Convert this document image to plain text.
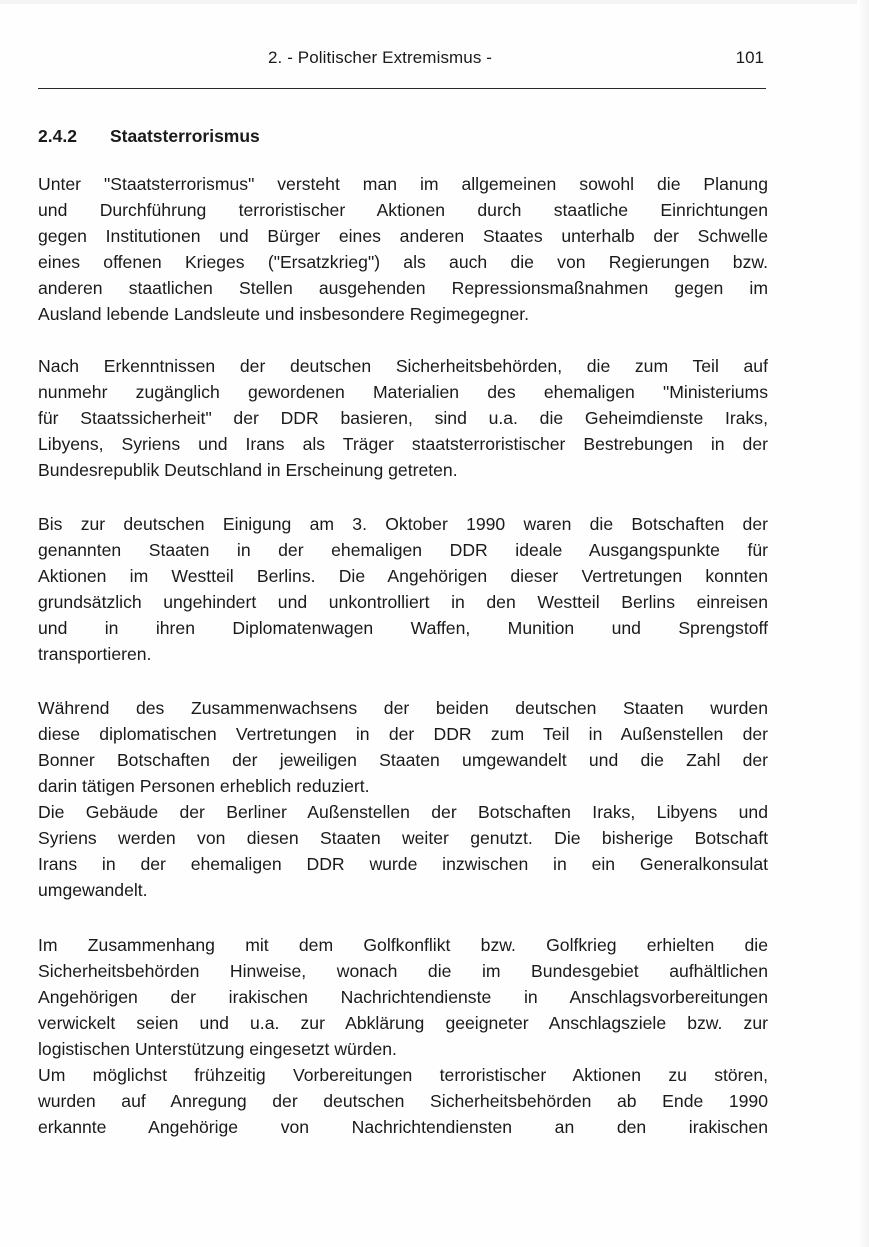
2. - Politischer Extremismus -	101
2.4.2 Staatsterrorismus

Unter "Staatsterrorismus" versteht man im allgemeinen sowohl die Planung
und Durchführung terroristischer Aktionen durch staatliche Einrichtungen
gegen Institutionen und Bürger eines anderen Staates unterhalb der Schwelle
eines offenen Krieges ("Ersatzkrieg") als auch die von Regierungen bzw.
anderen staatlichen Stellen ausgehenden Repressionsmaßnahmen gegen im
Ausland lebende Landsleute und insbesondere Regimegegner.

Nach Erkenntnissen der deutschen Sicherheitsbehörden, die zum Teil auf
nunmehr zugänglich gewordenen Materialien des ehemaligen "Ministeriums
für Staatssicherheit" der DDR basieren, sind u.a. die Geheimdienste Iraks,
Libyens, Syriens und Irans als Träger staatsterroristischer Bestrebungen in der
Bundesrepublik Deutschland in Erscheinung getreten.

Bis zur deutschen Einigung am 3. Oktober 1990 waren die Botschaften der
genannten Staaten in der ehemaligen DDR ideale Ausgangspunkte für
Aktionen im Westteil Berlins. Die Angehörigen dieser Vertretungen konnten
grundsätzlich ungehindert und unkontrolliert in den Westteil Berlins einreisen
und in ihren Diplomatenwagen Waffen, Munition und Sprengstoff
transportieren.

Während des Zusammenwachsens der beiden deutschen Staaten wurden
diese diplomatischen Vertretungen in der DDR zum Teil in Außenstellen der
Bonner Botschaften der jeweiligen Staaten umgewandelt und die Zahl der
darin tätigen Personen erheblich reduziert.

Die Gebäude der Berliner Außenstellen der Botschaften Iraks, Libyens und
Syriens werden von diesen Staaten weiter genutzt. Die bisherige Botschaft
Irans in der ehemaligen DDR wurde inzwischen in ein Generalkonsulat
umgewandelt.

Im Zusammenhang mit dem Golfkonflikt bzw. Golfkrieg erhielten die
Sicherheitsbehörden Hinweise, wonach die im Bundesgebiet aufhältlichen
Angehörigen der irakischen Nachrichtendienste in Anschlagsvorbereitungen
verwickelt seien und u.a. zur Abklärung geeigneter Anschlagsziele bzw. zur
logistischen Unterstützung eingesetzt würden.

Um möglichst frühzeitig Vorbereitungen terroristischer Aktionen zu stören,
wurden auf Anregung der deutschen Sicherheitsbehörden ab Ende 1990
erkannte Angehörige von Nachrichtendiensten an den irakischen
